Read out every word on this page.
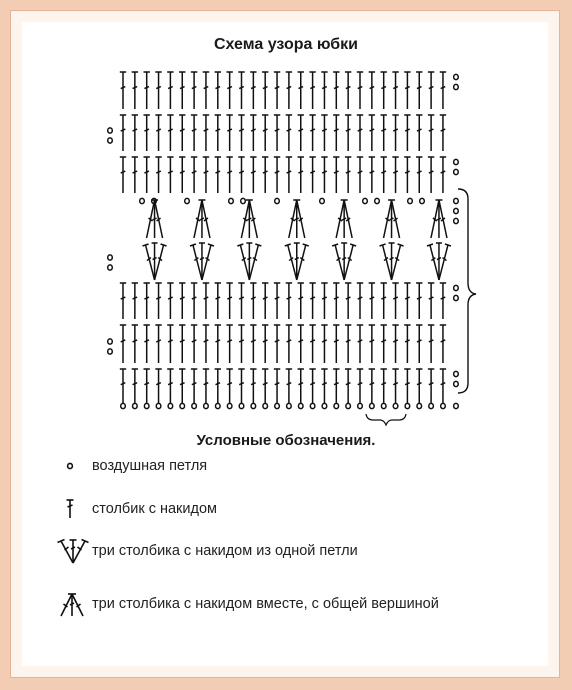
Схема узора юбки
Условные обозначения.
воздушная петля
столбик с накидом
три столбика с накидом из одной петли
три столбика с накидом вместе, с общей вершиной
